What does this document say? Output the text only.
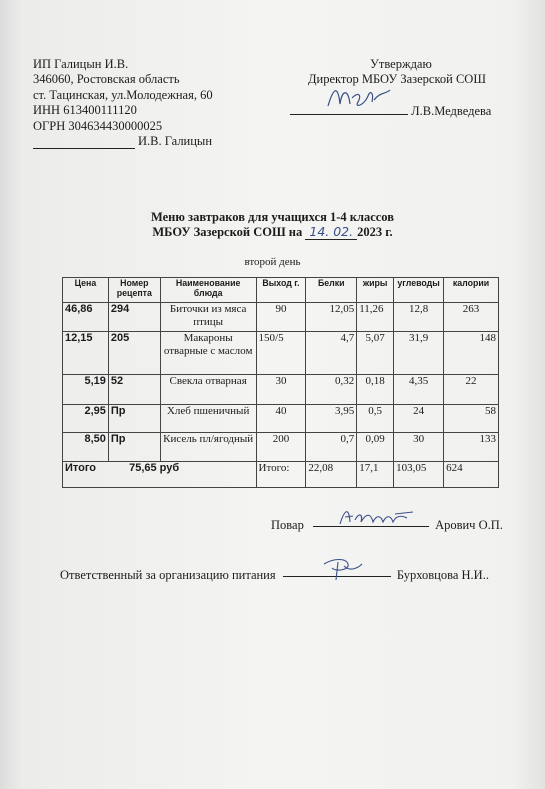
ИП Галицын И.В.
346060, Ростовская область
ст. Тацинская, ул.Молодежная, 60
ИНН 613400111120
ОГРН 304634430000025
И.В. Галицын
Утверждаю
Директор МБОУ Зазерской СОШ
Л.В.Медведева
Меню завтраков для учащихся 1-4 классов
МБОУ Зазерской СОШ на 14. 02. 2023 г.
второй день
Цена	Номер рецепта	Наименование блюда	Выход г.	Белки	жиры	углеводы	калории
46,86	294	Биточки из мяса птицы	90	12,05	11,26	12,8	263
12,15	205	Макароны отварные с маслом	150/5	4,7	5,07	31,9	148
5,19	52	Свекла отварная	30	0,32	0,18	4,35	22
2,95	Пр	Хлеб пшеничный	40	3,95	0,5	24	58
8,50	Пр	Кисель пл/ягодный	200	0,7	0,09	30	133
Итого 75,65 руб			Итого:	22,08	17,1	103,05	624
Повар	Арович О.П.
Ответственный за организацию питания	Бурховцова Н.И..
